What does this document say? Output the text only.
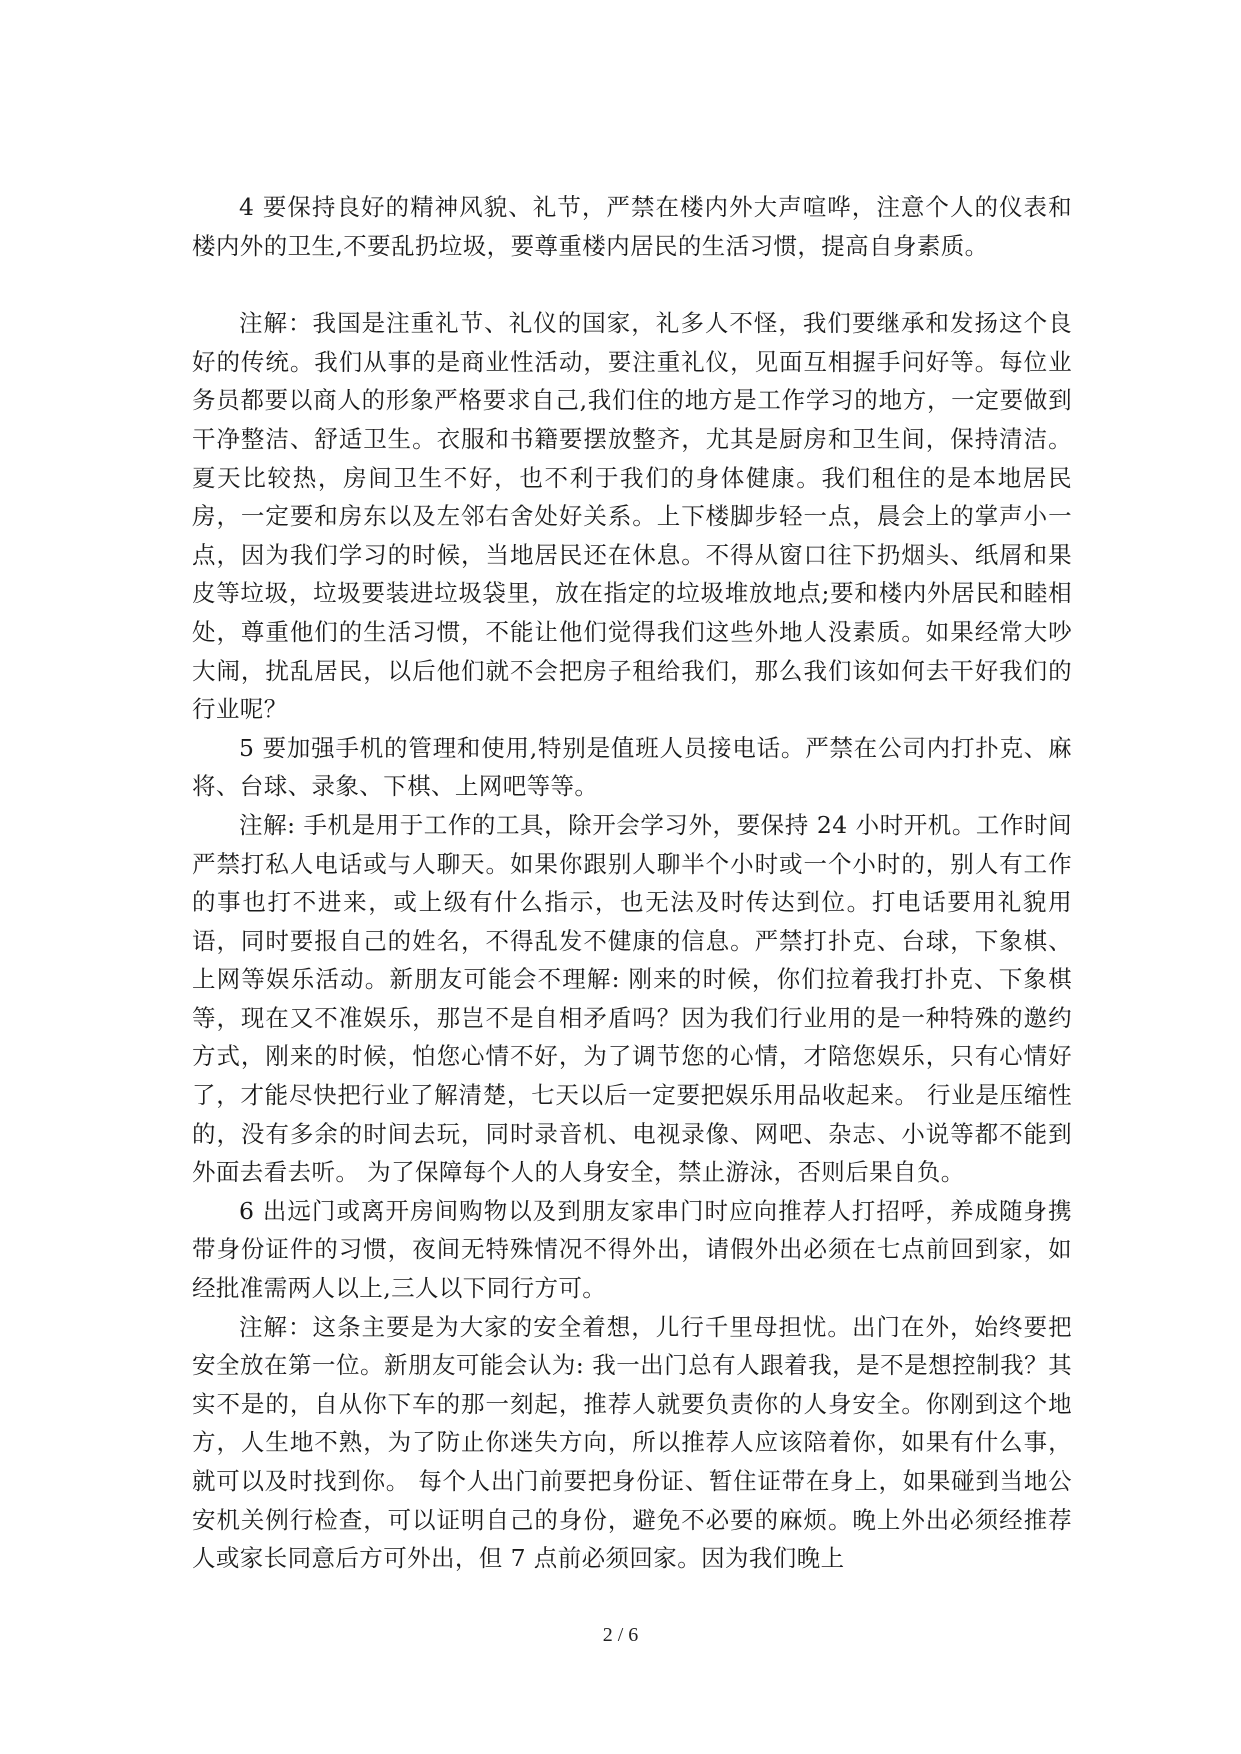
4 要保持良好的精神风貌、礼节，严禁在楼内外大声喧哗，注意个人的仪表和楼内外的卫生,不要乱扔垃圾，要尊重楼内居民的生活习惯，提高自身素质。

注解：我国是注重礼节、礼仪的国家，礼多人不怪，我们要继承和发扬这个良好的传统。我们从事的是商业性活动，要注重礼仪，见面互相握手问好等。每位业务员都要以商人的形象严格要求自己,我们住的地方是工作学习的地方，一定要做到干净整洁、舒适卫生。衣服和书籍要摆放整齐，尤其是厨房和卫生间，保持清洁。夏天比较热，房间卫生不好，也不利于我们的身体健康。我们租住的是本地居民房，一定要和房东以及左邻右舍处好关系。上下楼脚步轻一点，晨会上的掌声小一点，因为我们学习的时候，当地居民还在休息。不得从窗口往下扔烟头、纸屑和果皮等垃圾，垃圾要装进垃圾袋里，放在指定的垃圾堆放地点;要和楼内外居民和睦相处，尊重他们的生活习惯，不能让他们觉得我们这些外地人没素质。如果经常大吵大闹，扰乱居民，以后他们就不会把房子租给我们，那么我们该如何去干好我们的行业呢？

5 要加强手机的管理和使用,特别是值班人员接电话。严禁在公司内打扑克、麻将、台球、录象、下棋、上网吧等等。

注解: 手机是用于工作的工具，除开会学习外，要保持 24 小时开机。工作时间严禁打私人电话或与人聊天。如果你跟别人聊半个小时或一个小时的，别人有工作的事也打不进来，或上级有什么指示，也无法及时传达到位。打电话要用礼貌用语，同时要报自己的姓名，不得乱发不健康的信息。严禁打扑克、台球，下象棋、上网等娱乐活动。新朋友可能会不理解: 刚来的时候，你们拉着我打扑克、下象棋等，现在又不准娱乐，那岂不是自相矛盾吗？因为我们行业用的是一种特殊的邀约方式，刚来的时候，怕您心情不好，为了调节您的心情，才陪您娱乐，只有心情好了，才能尽快把行业了解清楚，七天以后一定要把娱乐用品收起来。 行业是压缩性的，没有多余的时间去玩，同时录音机、电视录像、网吧、杂志、小说等都不能到外面去看去听。 为了保障每个人的人身安全，禁止游泳，否则后果自负。

6 出远门或离开房间购物以及到朋友家串门时应向推荐人打招呼，养成随身携带身份证件的习惯，夜间无特殊情况不得外出，请假外出必须在七点前回到家，如经批准需两人以上,三人以下同行方可。

注解：这条主要是为大家的安全着想，儿行千里母担忧。出门在外，始终要把安全放在第一位。新朋友可能会认为: 我一出门总有人跟着我，是不是想控制我？其实不是的，自从你下车的那一刻起，推荐人就要负责你的人身安全。你刚到这个地方，人生地不熟，为了防止你迷失方向，所以推荐人应该陪着你，如果有什么事，就可以及时找到你。 每个人出门前要把身份证、暂住证带在身上，如果碰到当地公安机关例行检查，可以证明自己的身份，避免不必要的麻烦。晚上外出必须经推荐人或家长同意后方可外出，但 7 点前必须回家。因为我们晚上

2 / 6
